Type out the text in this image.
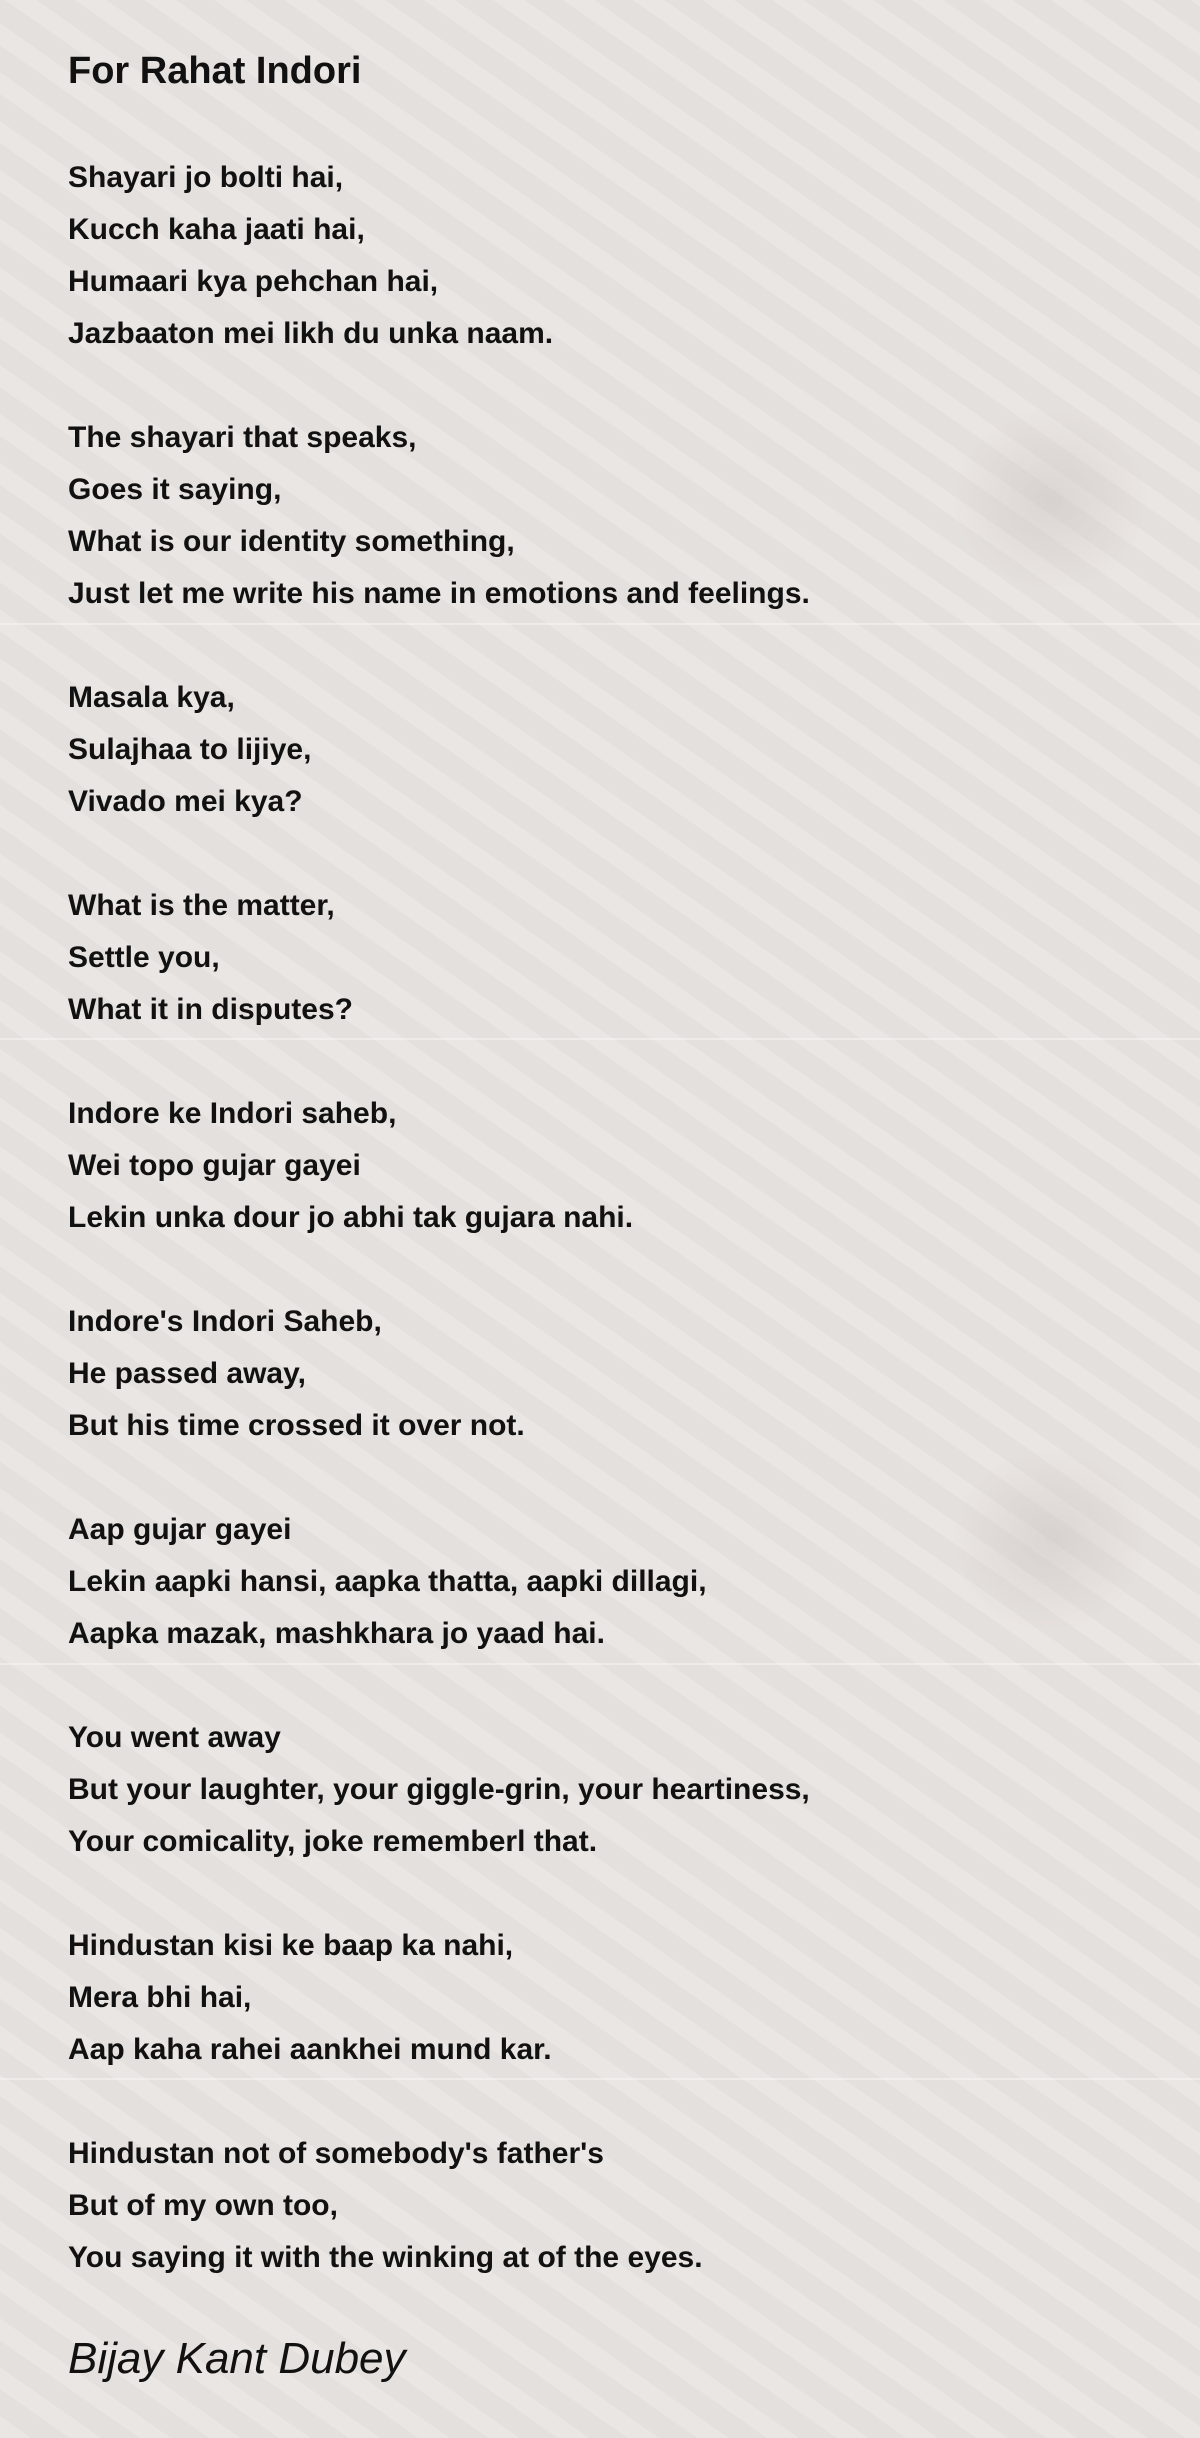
For Rahat Indori
Shayari jo bolti hai,
Kucch kaha jaati hai,
Humaari kya pehchan hai,
Jazbaaton mei likh du unka naam.
The shayari that speaks,
Goes it saying,
What is our identity something,
Just let me write his name in emotions and feelings.
Masala kya,
Sulajhaa to lijiye,
Vivado mei kya?
What is the matter,
Settle you,
What it in disputes?
Indore ke Indori saheb,
Wei topo gujar gayei
Lekin unka dour jo abhi tak gujara nahi.
Indore's Indori Saheb,
He passed away,
But his time crossed it over not.
Aap gujar gayei
Lekin aapki hansi, aapka thatta, aapki dillagi,
Aapka mazak, mashkhara jo yaad hai.
You went away
But your laughter, your giggle-grin, your heartiness,
Your comicality, joke rememberl that.
Hindustan kisi ke baap ka nahi,
Mera bhi hai,
Aap kaha rahei aankhei mund kar.
Hindustan not of somebody's father's
But of my own too,
You saying it with the winking at of the eyes.

Bijay Kant Dubey
